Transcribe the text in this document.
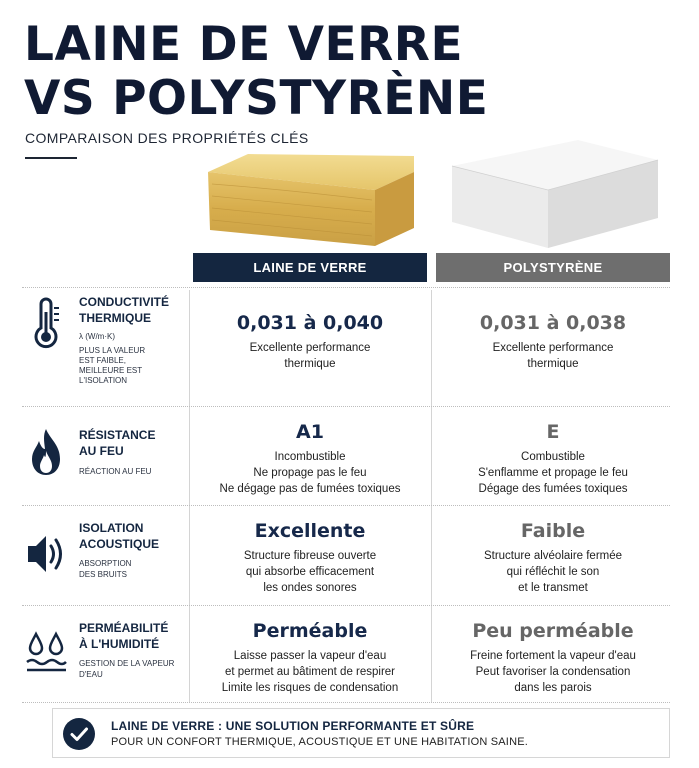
LAINE DE VERRE
VS POLYSTYRÈNE
COMPARAISON DES PROPRIÉTÉS CLÉS
LAINE DE VERRE	POLYSTYRÈNE
CONDUCTIVITÉ
THERMIQUE
λ (W/m·K)
PLUS LA VALEUR
EST FAIBLE,
MEILLEURE EST
L'ISOLATION
0,031 à 0,040
Excellente performance
thermique
0,031 à 0,038
Excellente performance
thermique
RÉSISTANCE
AU FEU
RÉACTION AU FEU
A1
Incombustible
Ne propage pas le feu
Ne dégage pas de fumées toxiques
E
Combustible
S'enflamme et propage le feu
Dégage des fumées toxiques
ISOLATION
ACOUSTIQUE
ABSORPTION
DES BRUITS
Excellente
Structure fibreuse ouverte
qui absorbe efficacement
les ondes sonores
Faible
Structure alvéolaire fermée
qui réfléchit le son
et le transmet
PERMÉABILITÉ
À L'HUMIDITÉ
GESTION DE LA VAPEUR
D'EAU
Perméable
Laisse passer la vapeur d'eau
et permet au bâtiment de respirer
Limite les risques de condensation
Peu perméable
Freine fortement la vapeur d'eau
Peut favoriser la condensation
dans les parois
LAINE DE VERRE : UNE SOLUTION PERFORMANTE ET SÛRE
POUR UN CONFORT THERMIQUE, ACOUSTIQUE ET UNE HABITATION SAINE.
